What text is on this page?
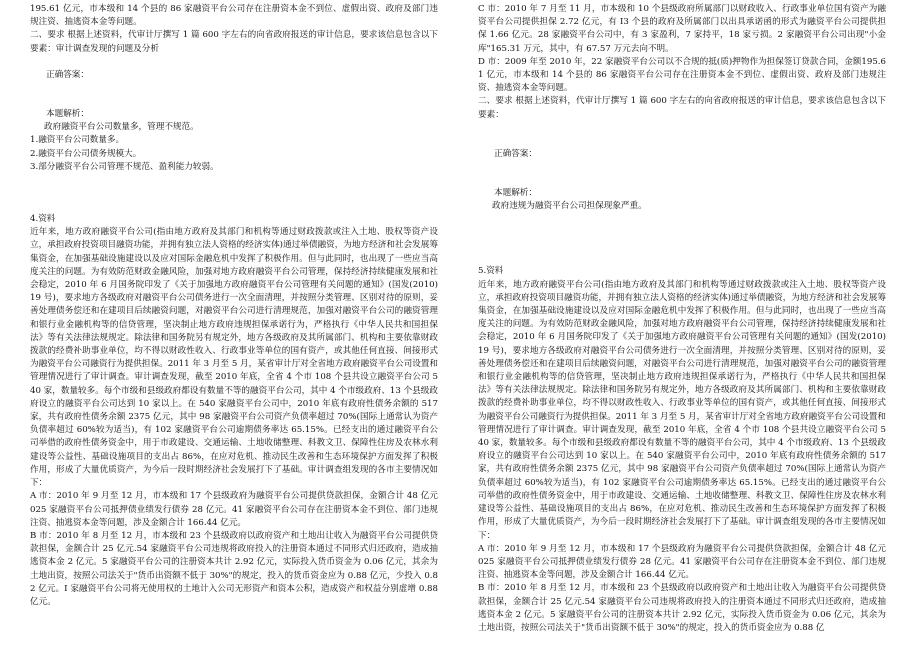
195.61 亿元，市本级和 14 个县的 86 家融资平台公司存在注册资本金不到位、虚假出资、政府及部门违规注资、抽逃资本金等问题。

二、要求 根据上述资料，代审计厅撰写 1 篇 600 字左右的向省政府报送的审计信息，要求该信息包含以下要素：审计调查发现的问题及分析

正确答案：

本题解析：

政府融资平台公司数量多，管理不规范。

1.融资平台公司数量多。

2.融资平台公司债务规模大。

3.部分融资平台公司管理不规范、盈利能力较弱。

4.资料

近年来，地方政府融资平台公司(指由地方政府及其部门和机构等通过财政拨款或注入土地、股权等资产设立，承担政府投资项目融资功能，并拥有独立法人资格的经济实体)通过举债融资，为地方经济和社会发展筹集资金，在加强基础设施建设以及应对国际金融危机中发挥了积极作用。但与此同时，也出现了一些应当高度关注的问题。为有效防范财政金融风险，加强对地方政府融资平台公司管理，保持经济持续健康发展和社会稳定，2010 年 6 月国务院印发了《关于加强地方政府融资平台公司管理有关问题的通知》(国发(2010)19 号)，要求地方各级政府对融资平台公司债务进行一次全面清理，并按照分类管理、区别对待的原则，妥善处理债务偿还和在建项目后续融资问题，对融资平台公司进行清理规范，加强对融资平台公司的融资管理和银行业金融机构等的信贷管理，坚决制止地方政府违规担保承诺行为，严格执行《中华人民共和国担保法》等有关法律法规规定。除法律和国务院另有规定外，地方各级政府及其所属部门、机构和主要依靠财政拨款的经费补助事业单位，均不得以财政性收入、行政事业等单位的国有资产，或其他任何直接、间接形式为融资平台公司融资行为提供担保。2011 年 3 月至 5 月，某省审计厅对全省地方政府融资平台公司设置和管理情况进行了审计调查。审计调查发现，截至 2010 年底，全省 4 个市 108 个县共设立融资平台公司 540 家，数量较多。每个市级和县级政府都设有数量不等的融资平台公司，其中 4 个市级政府、13 个县级政府设立的融资平台公司达到 10 家以上。在 540 家融资平台公司中，2010 年底有政府性债务余额的 517 家，共有政府性债务余额 2375 亿元，其中 98 家融资平台公司资产负债率超过 70%(国际上通常认为资产负债率超过 60%较为适当)，有 102 家融资平台公司逾期债务率达 65.15%。已经支出的通过融资平台公司举借的政府性债务资金中，用于市政建设、交通运输、土地收储整理、科教文卫、保障性住房及农林水利建设等公益性、基础设施项目的支出占 86%，在应对危机、推动民生改善和生态环境保护方面发挥了积极作用，形成了大量优质资产，为今后一段时期经济社会发展打下了基础。审计调查组发现的各市主要情况如下：

A 市：2010 年 9 月至 12 月，市本级和 17 个县级政府为融资平台公司提供贷款担保，金额合计 48 亿元 025 家融资平台公司抵押债业绩发行债券 28 亿元。41 家融资平台公司存在注册资本金不到位、部门违规注资、抽逃资本金等问题，涉及金额合计 166.44 亿元。

B 市：2010 年 8 月至 12 月，市本级和 23 个县级政府以政府资产和土地出让收入为融资平台公司提供贷款担保，金额合计 25 亿元.54 家融资平台公司违规将政府投入的注册资本通过不同形式归还政府，造成抽逃资本金 2 亿元。5 家融资平台公司的注册资本共计 2.92 亿元，实际投入货币资金为 0.06 亿元，其余为土地出资，按照公司法关于"货币出资额不低于 30%"的规定，投入的货币资金应为 0.88 亿元，少投入 0.82 亿元。I 家融资平台公司将无使用权的土地计入公司无形资产和资本公积，造成资产和权益分别虚增 0.88 亿元。

C 市：2010 年 7 月至 11 月，市本级和 10 个县级政府所属部门以财政收入、行政事业单位国有资产为融资平台公司提供担保 2.72 亿元，有 I3 个县的政府及所属部门以出具承诺函的形式为融资平台公司提供担保 1.66 亿元。28 家融资平台公司中，有 3 家盈利，7 家持平，18 家亏损。2 家融资平台公司出现"小金库"165.31 万元，其中，有 67.57 万元去向不明。

D 市：2009 年至 2010 年，22 家融资平台公司以不合规的抵(质)押物作为担保签订贷款合同，金额195.61 亿元，市本级和 14 个县的 86 家融资平台公司存在注册资本金不到位、虚假出资、政府及部门违规注资、抽逃资本金等问题。

二、要求 根据上述资料，代审计厅撰写 1 篇 600 字左右的向省政府报送的审计信息，要求该信息包含以下要素：

正确答案：

本题解析：

政府违规为融资平台公司担保现象严重。

5.资料

近年来，地方政府融资平台公司(指由地方政府及其部门和机构等通过财政拨款或注入土地、股权等资产设立，承担政府投资项目融资功能，并拥有独立法人资格的经济实体)通过举债融资，为地方经济和社会发展筹集资金，在加强基础设施建设以及应对国际金融危机中发挥了积极作用。但与此同时，也出现了一些应当高度关注的问题。为有效防范财政金融风险，加强对地方政府融资平台公司管理，保持经济持续健康发展和社会稳定，2010 年 6 月国务院印发了《关于加强地方政府融资平台公司管理有关问题的通知》(国发(2010)19 号)，要求地方各级政府对融资平台公司债务进行一次全面清理，并按照分类管理、区别对待的原则，妥善处理债务偿还和在建项目后续融资问题，对融资平台公司进行清理规范，加强对融资平台公司的融资管理和银行业金融机构等的信贷管理，坚决制止地方政府违规担保承诺行为，严格执行《中华人民共和国担保法》等有关法律法规规定。除法律和国务院另有规定外，地方各级政府及其所属部门、机构和主要依靠财政拨款的经费补助事业单位，均不得以财政性收入、行政事业等单位的国有资产，或其他任何直接、间接形式为融资平台公司融资行为提供担保。2011 年 3 月至 5 月，某省审计厅对全省地方政府融资平台公司设置和管理情况进行了审计调查。审计调查发现，截至 2010 年底，全省 4 个市 108 个县共设立融资平台公司 540 家，数量较多。每个市级和县级政府都设有数量不等的融资平台公司，其中 4 个市级政府、13 个县级政府设立的融资平台公司达到 10 家以上。在 540 家融资平台公司中，2010 年底有政府性债务余额的 517 家，共有政府性债务余额 2375 亿元，其中 98 家融资平台公司资产负债率超过 70%(国际上通常认为资产负债率超过 60%较为适当)，有 102 家融资平台公司逾期债务率达 65.15%。已经支出的通过融资平台公司举借的政府性债务资金中，用于市政建设、交通运输、土地收储整理、科教文卫、保障性住房及农林水利建设等公益性、基础设施项目的支出占 86%，在应对危机、推动民生改善和生态环境保护方面发挥了积极作用，形成了大量优质资产，为今后一段时期经济社会发展打下了基础。审计调查组发现的各市主要情况如下：

A 市：2010 年 9 月至 12 月，市本级和 17 个县级政府为融资平台公司提供贷款担保，金额合计 48 亿元 025 家融资平台公司抵押债业绩发行债券 28 亿元。41 家融资平台公司存在注册资本金不到位、部门违规注资、抽逃资本金等问题，涉及金额合计 166.44 亿元。

B 市：2010 年 8 月至 12 月，市本级和 23 个县级政府以政府资产和土地出让收入为融资平台公司提供贷款担保，金额合计 25 亿元.54 家融资平台公司违规将政府投入的注册资本通过不同形式归还政府，造成抽逃资本金 2 亿元。5 家融资平台公司的注册资本共计 2.92 亿元，实际投入货币资金为 0.06 亿元，其余为土地出资，按照公司法关于"货币出资额不低于 30%"的规定，投入的货币资金应为 0.88 亿
